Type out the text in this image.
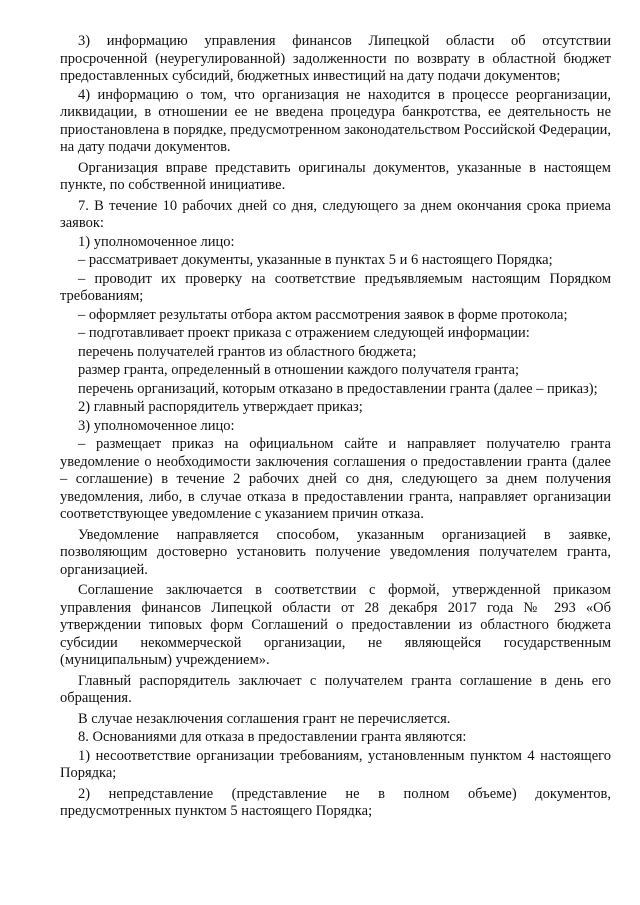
3) информацию управления финансов Липецкой области об отсутствии просроченной (неурегулированной) задолженности по возврату в областной бюджет предоставленных субсидий, бюджетных инвестиций на дату подачи документов;

4) информацию о том, что организация не находится в процессе реорганизации, ликвидации, в отношении ее не введена процедура банкротства, ее деятельность не приостановлена в порядке, предусмотренном законодательством Российской Федерации, на дату подачи документов.

Организация вправе представить оригиналы документов, указанные в настоящем пункте, по собственной инициативе.

7. В течение 10 рабочих дней со дня, следующего за днем окончания срока приема заявок:

1) уполномоченное лицо:

– рассматривает документы, указанные в пунктах 5 и 6 настоящего Порядка;

– проводит их проверку на соответствие предъявляемым настоящим Порядком требованиям;

– оформляет результаты отбора актом рассмотрения заявок в форме протокола;

– подготавливает проект приказа с отражением следующей информации:

перечень получателей грантов из областного бюджета;

размер гранта, определенный в отношении каждого получателя гранта;

перечень организаций, которым отказано в предоставлении гранта (далее – приказ);

2) главный распорядитель утверждает приказ;

3) уполномоченное лицо:

– размещает приказ на официальном сайте и направляет получателю гранта уведомление о необходимости заключения соглашения о предоставлении гранта (далее – соглашение) в течение 2 рабочих дней со дня, следующего за днем получения уведомления, либо, в случае отказа в предоставлении гранта, направляет организации соответствующее уведомление с указанием причин отказа.

Уведомление направляется способом, указанным организацией в заявке, позволяющим достоверно установить получение уведомления получателем гранта, организацией.

Соглашение заключается в соответствии с формой, утвержденной приказом управления финансов Липецкой области от 28 декабря 2017 года № 293 «Об утверждении типовых форм Соглашений о предоставлении из областного бюджета субсидии некоммерческой организации, не являющейся государственным (муниципальным) учреждением».

Главный распорядитель заключает с получателем гранта соглашение в день его обращения.

В случае незаключения соглашения грант не перечисляется.

8. Основаниями для отказа в предоставлении гранта являются:

1) несоответствие организации требованиям, установленным пунктом 4 настоящего Порядка;

2) непредставление (представление не в полном объеме) документов, предусмотренных пунктом 5 настоящего Порядка;
